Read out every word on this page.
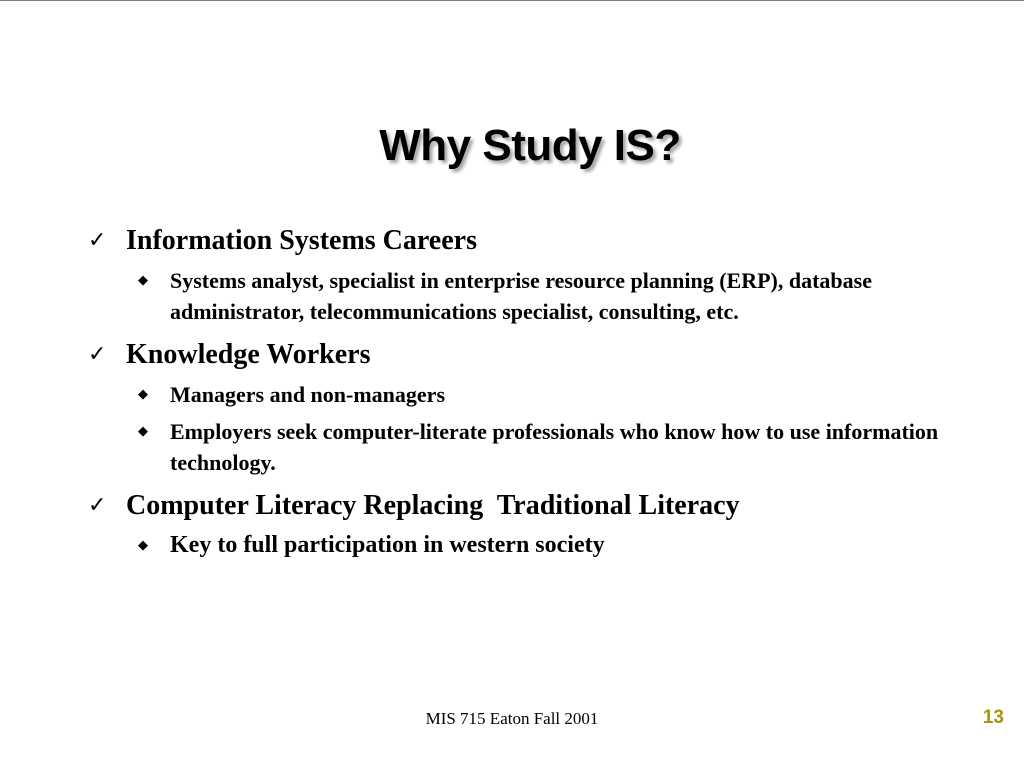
Why Study IS?
✓ Information Systems Careers
◆ Systems analyst, specialist in enterprise resource planning (ERP), database administrator, telecommunications specialist, consulting, etc.
✓ Knowledge Workers
◆ Managers and non-managers
◆ Employers seek computer-literate professionals who know how to use information technology.
✓ Computer Literacy Replacing  Traditional Literacy
◆ Key to full participation in western society
MIS 715 Eaton Fall 2001	13
